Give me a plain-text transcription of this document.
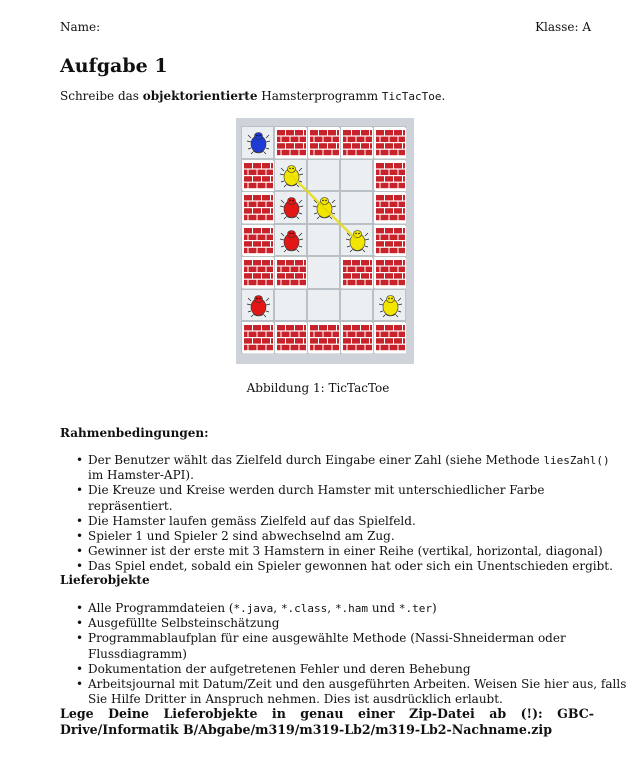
Name:	Klasse: A
Aufgabe 1
Schreibe das objektorientierte Hamsterprogramm TicTacToe.
Abbildung 1: TicTacToe
Rahmenbedingungen:
• Der Benutzer wählt das Zielfeld durch Eingabe einer Zahl (siehe Methode liesZahl() im Hamster-API).
• Die Kreuze und Kreise werden durch Hamster mit unterschiedlicher Farbe repräsentiert.
• Die Hamster laufen gemäss Zielfeld auf das Spielfeld.
• Spieler 1 und Spieler 2 sind abwechselnd am Zug.
• Gewinner ist der erste mit 3 Hamstern in einer Reihe (vertikal, horizontal, diagonal)
• Das Spiel endet, sobald ein Spieler gewonnen hat oder sich ein Unentschieden ergibt.
Lieferobjekte
• Alle Programmdateien (*.java, *.class, *.ham und *.ter)
• Ausgefüllte Selbsteinschätzung
• Programmablaufplan für eine ausgewählte Methode (Nassi-Shneiderman oder Flussdiagramm)
• Dokumentation der aufgetretenen Fehler und deren Behebung
• Arbeitsjournal mit Datum/Zeit und den ausgeführten Arbeiten. Weisen Sie hier aus, falls Sie Hilfe Dritter in Anspruch nehmen. Dies ist ausdrücklich erlaubt.
Lege Deine Lieferobjekte in genau einer Zip-Datei ab (!): GBC-Drive/Informatik B/Abgabe/m319/m319-Lb2/m319-Lb2-Nachname.zip
